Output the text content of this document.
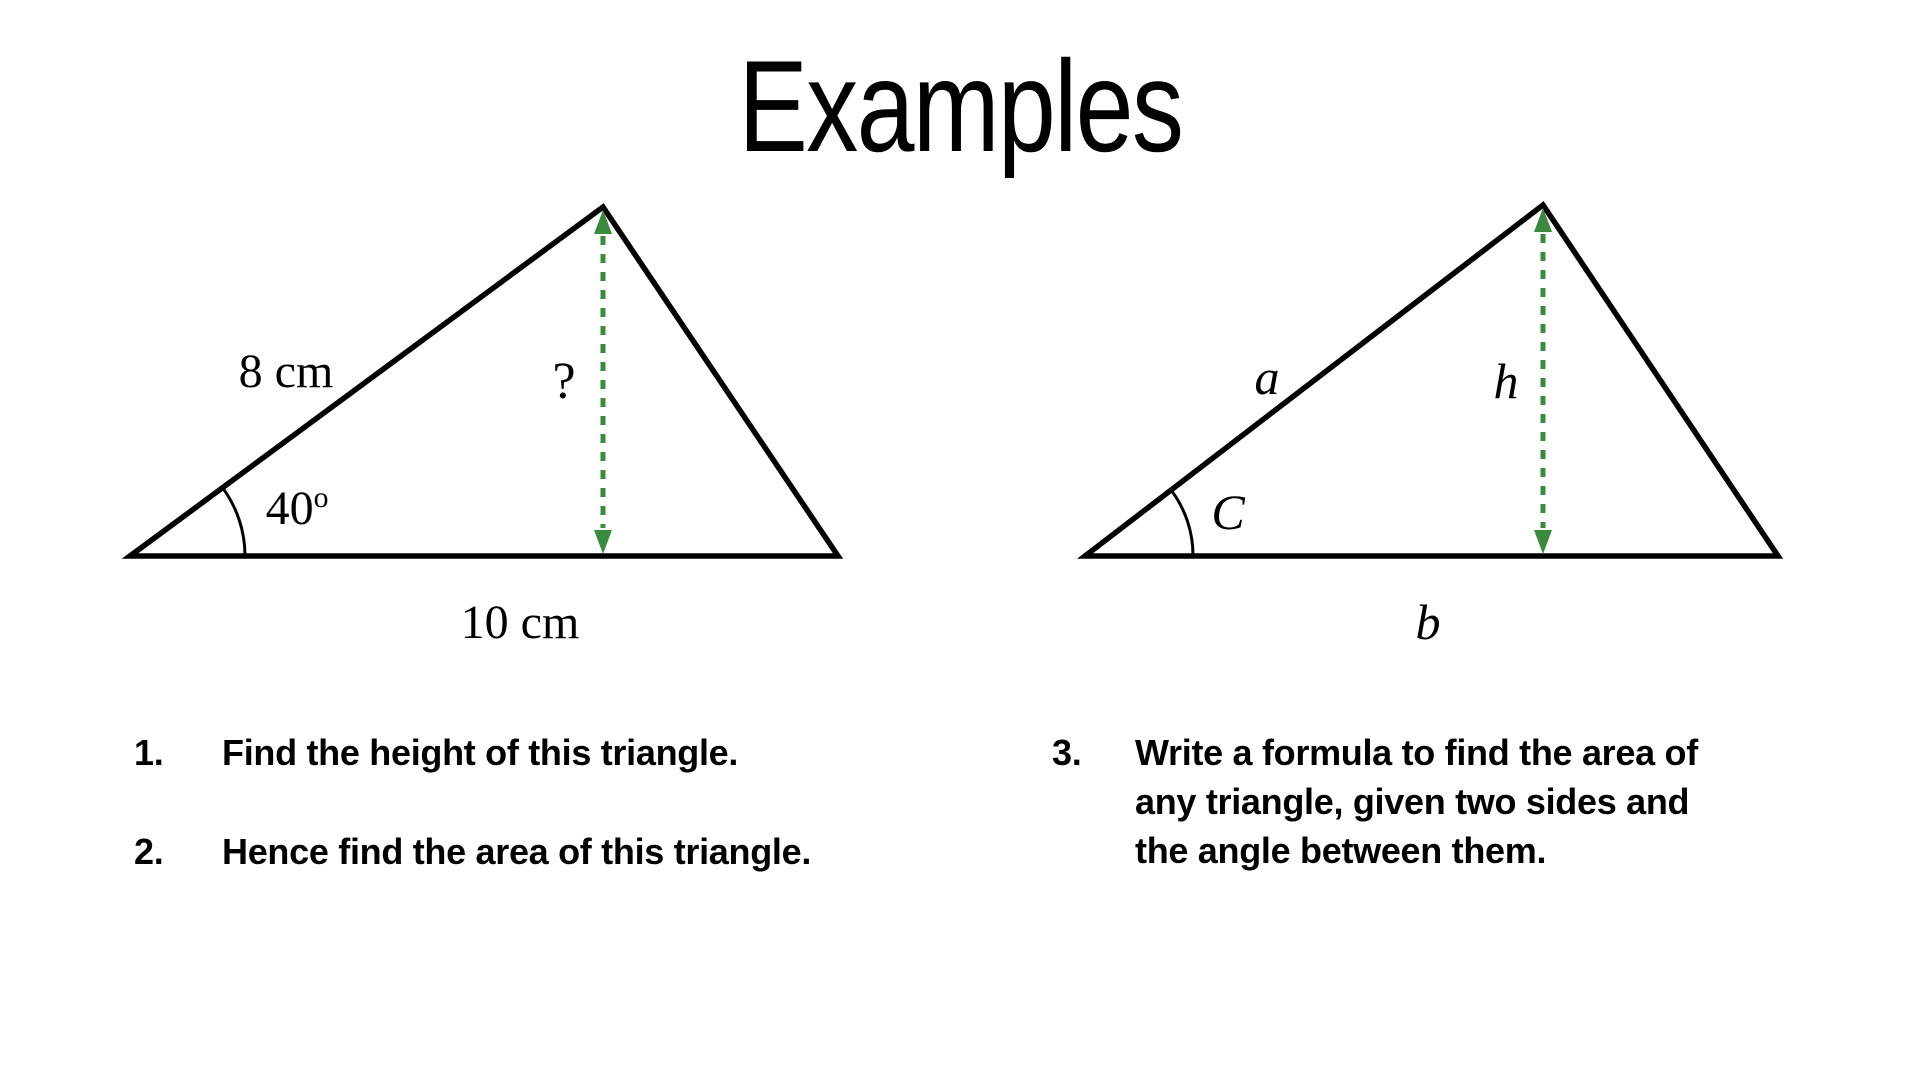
Examples
8 cm	?
40$^o$
10 cm
a	h
C
b
1. Find the height of this triangle.
2. Hence find the area of this triangle.
3. Write a formula to find the area of
any triangle, given two sides and
the angle between them.
